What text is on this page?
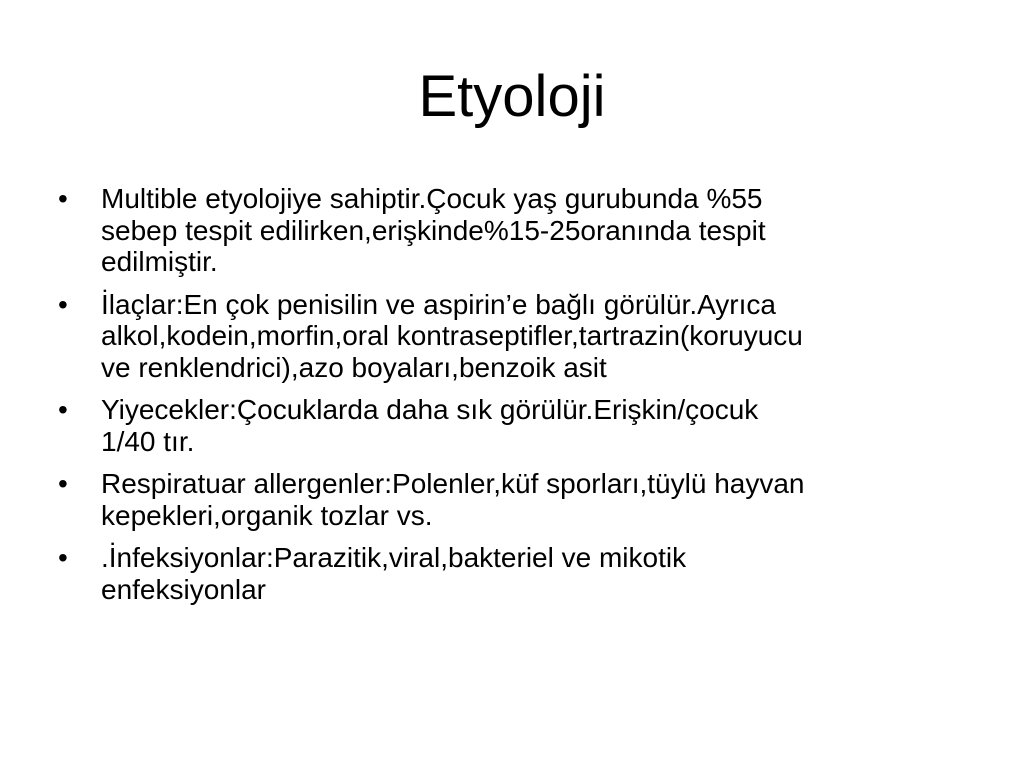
Etyoloji
•	Multible etyolojiye sahiptir.Çocuk yaş gurubunda %55
sebep tespit edilirken,erişkinde%15-25oranında tespit
edilmiştir.
•	İlaçlar:En çok penisilin ve aspirin’e bağlı görülür.Ayrıca
alkol,kodein,morfin,oral kontraseptifler,tartrazin(koruyucu
ve renklendrici),azo boyaları,benzoik asit
•	Yiyecekler:Çocuklarda daha sık görülür.Erişkin/çocuk
1/40 tır.
•	Respiratuar allergenler:Polenler,küf sporları,tüylü hayvan
kepekleri,organik tozlar vs.
•	.İnfeksiyonlar:Parazitik,viral,bakteriel ve mikotik
enfeksiyonlar
